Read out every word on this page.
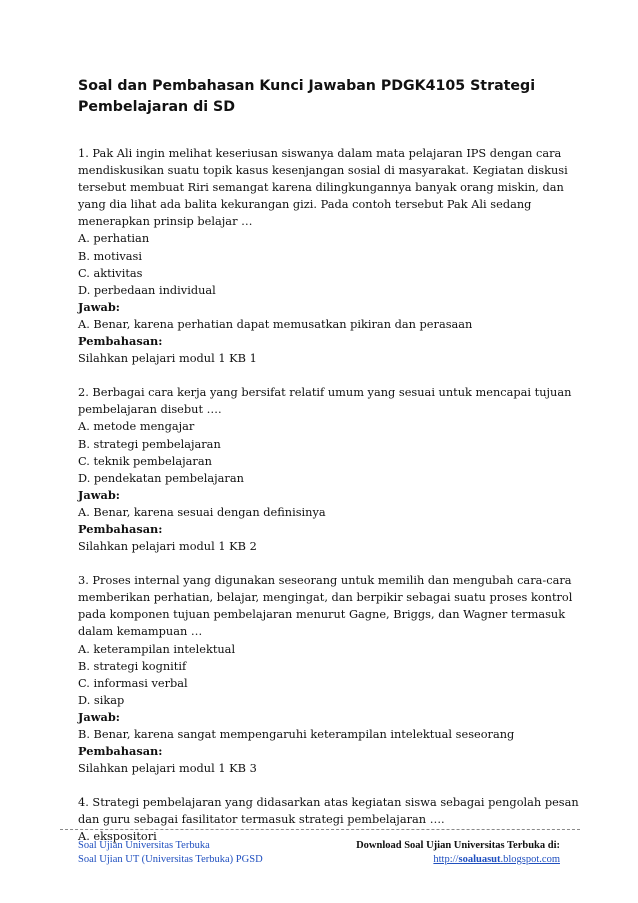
Soal dan Pembahasan Kunci Jawaban PDGK4105 Strategi
Pembelajaran di SD
1. Pak Ali ingin melihat keseriusan siswanya dalam mata pelajaran IPS dengan cara
mendiskusikan suatu topik kasus kesenjangan sosial di masyarakat. Kegiatan diskusi
tersebut membuat Riri semangat karena dilingkungannya banyak orang miskin, dan
yang dia lihat ada balita kekurangan gizi. Pada contoh tersebut Pak Ali sedang
menerapkan prinsip belajar …
A. perhatian
B. motivasi
C. aktivitas
D. perbedaan individual
Jawab:
A. Benar, karena perhatian dapat memusatkan pikiran dan perasaan
Pembahasan:
Silahkan pelajari modul 1 KB 1
2. Berbagai cara kerja yang bersifat relatif umum yang sesuai untuk mencapai tujuan
pembelajaran disebut ….
A. metode mengajar
B. strategi pembelajaran
C. teknik pembelajaran
D. pendekatan pembelajaran
Jawab:
A. Benar, karena sesuai dengan definisinya
Pembahasan:
Silahkan pelajari modul 1 KB 2
3. Proses internal yang digunakan seseorang untuk memilih dan mengubah cara-cara
memberikan perhatian, belajar, mengingat, dan berpikir sebagai suatu proses kontrol
pada komponen tujuan pembelajaran menurut Gagne, Briggs, dan Wagner termasuk
dalam kemampuan …
A. keterampilan intelektual
B. strategi kognitif
C. informasi verbal
D. sikap
Jawab:
B. Benar, karena sangat mempengaruhi keterampilan intelektual seseorang
Pembahasan:
Silahkan pelajari modul 1 KB 3
4. Strategi pembelajaran yang didasarkan atas kegiatan siswa sebagai pengolah pesan
dan guru sebagai fasilitator termasuk strategi pembelajaran ….
A. ekspositori
Soal Ujian Universitas Terbuka
Soal Ujian UT (Universitas Terbuka) PGSD
Download Soal Ujian Universitas Terbuka di:
http://soaluasut.blogspot.com
